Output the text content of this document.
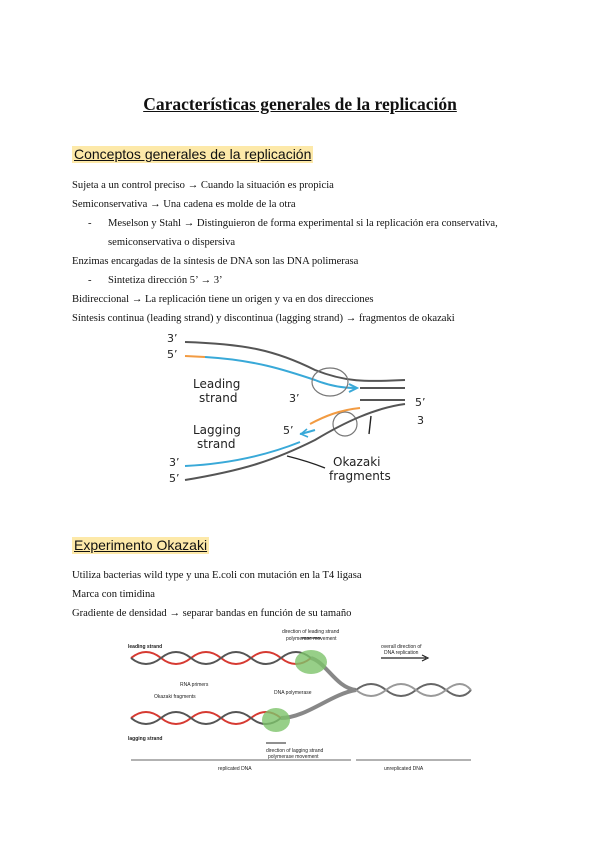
Características generales de la replicación
Conceptos generales de la replicación
Sujeta a un control preciso → Cuando la situación es propicia
Semiconservativa → Una cadena es molde de la otra
- Meselson y Stahl → Distinguieron de forma experimental si la replicación era conservativa,
semiconservativa o dispersiva
Enzimas encargadas de la síntesis de DNA son las DNA polimerasa
- Sintetiza dirección 5’ → 3’
Bidireccional → La replicación tiene un origen y va en dos direcciones
Síntesis continua (leading strand) y discontinua (lagging strand) → fragmentos de okazaki
3’
5’
Leading
strand	3’
5’
Lagging
strand
5’
3
Okazaki
fragments
3’
5’
Experimento Okazaki
Utiliza bacterias wild type y una E.coli con mutación en la T4 ligasa
Marca con timidina
Gradiente de densidad → separar bandas en función de su tamaño
leading strand
lagging strand
RNA primers
Okazaki fragments
DNA polymerase
direction of leading strand
polymerase movement
direction of lagging strand
polymerase movement
overall direction of
DNA replication
replicated DNA	unreplicated DNA
